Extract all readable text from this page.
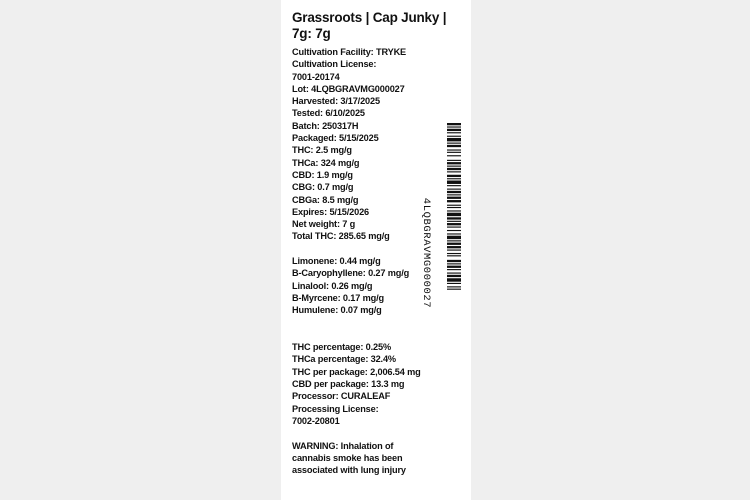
Grassroots | Cap Junky | 7g: 7g
Cultivation Facility: TRYKE
Cultivation License:
7001-20174
Lot: 4LQBGRAVMG000027
Harvested: 3/17/2025
Tested: 6/10/2025
Batch: 250317H
Packaged: 5/15/2025
THC: 2.5 mg/g
THCa: 324 mg/g
CBD: 1.9 mg/g
CBG: 0.7 mg/g
CBGa: 8.5 mg/g
Expires: 5/15/2026
Net weight: 7 g
Total THC: 285.65 mg/g
Limonene: 0.44 mg/g
B-Caryophyllene: 0.27 mg/g
Linalool: 0.26 mg/g
B-Myrcene: 0.17 mg/g
Humulene: 0.07 mg/g
THC percentage: 0.25%
THCa percentage: 32.4%
THC per package: 2,006.54 mg
CBD per package: 13.3 mg
Processor: CURALEAF
Processing License:
7002-20801
WARNING: Inhalation of
cannabis smoke has been
associated with lung injury
4LQBGRAVMG000027
